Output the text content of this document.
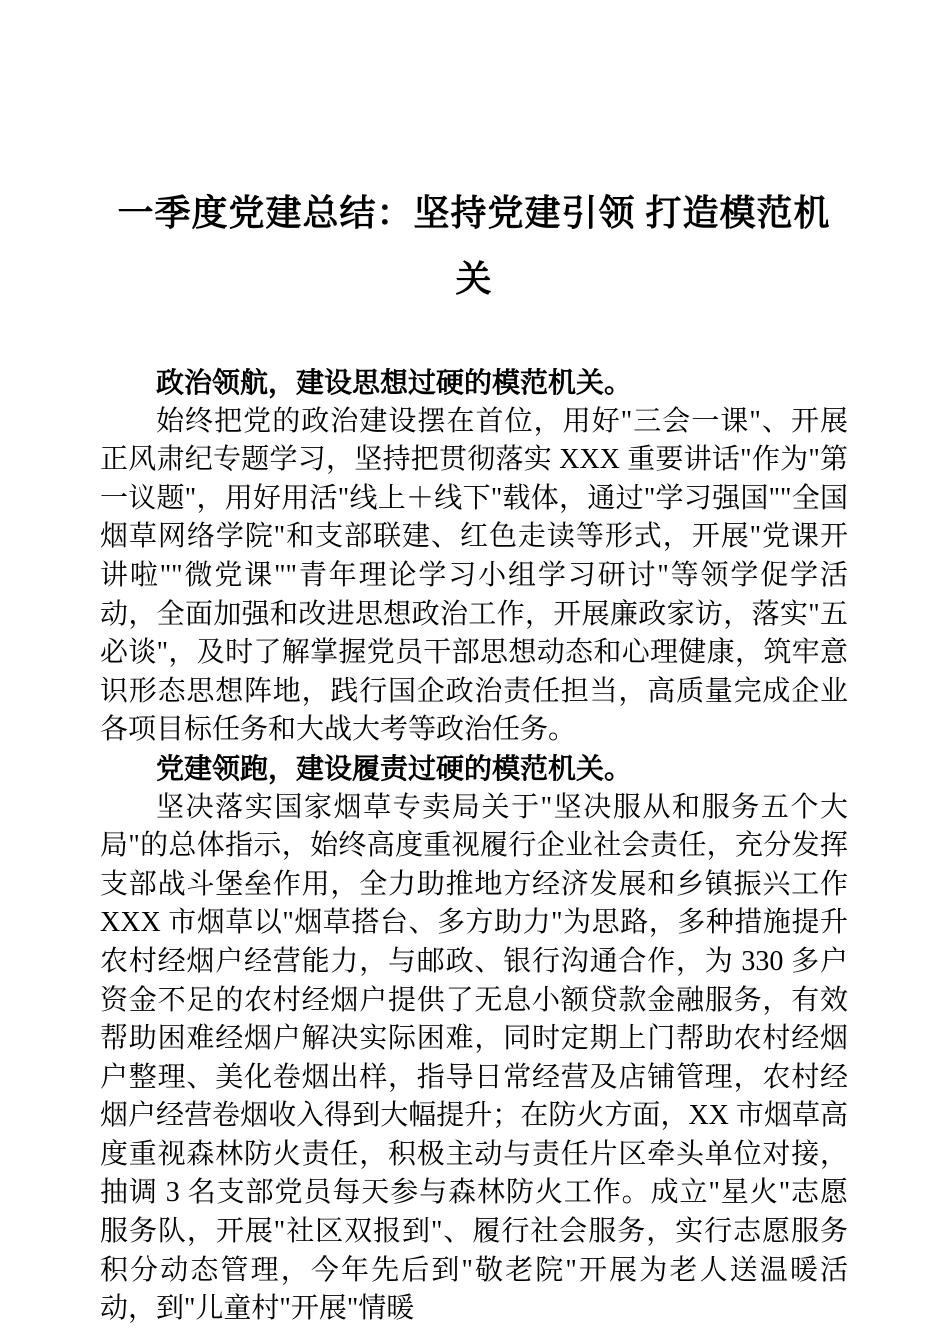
一季度党建总结：坚持党建引领 打造模范机关

政治领航，建设思想过硬的模范机关。

始终把党的政治建设摆在首位，用好"三会一课"、开展正风肃纪专题学习，坚持把贯彻落实 XXX 重要讲话"作为"第一议题"，用好用活"线上＋线下"载体，通过"学习强国""全国烟草网络学院"和支部联建、红色走读等形式，开展"党课开讲啦""微党课""青年理论学习小组学习研讨"等领学促学活动，全面加强和改进思想政治工作，开展廉政家访，落实"五必谈"，及时了解掌握党员干部思想动态和心理健康，筑牢意识形态思想阵地，践行国企政治责任担当，高质量完成企业各项目标任务和大战大考等政治任务。

党建领跑，建设履责过硬的模范机关。

坚决落实国家烟草专卖局关于"坚决服从和服务五个大局"的总体指示，始终高度重视履行企业社会责任，充分发挥支部战斗堡垒作用，全力助推地方经济发展和乡镇振兴工作 XXX 市烟草以"烟草搭台、多方助力"为思路，多种措施提升农村经烟户经营能力，与邮政、银行沟通合作，为 330 多户资金不足的农村经烟户提供了无息小额贷款金融服务，有效帮助困难经烟户解决实际困难，同时定期上门帮助农村经烟户整理、美化卷烟出样，指导日常经营及店铺管理，农村经烟户经营卷烟收入得到大幅提升；在防火方面，XX 市烟草高度重视森林防火责任，积极主动与责任片区牵头单位对接，抽调 3 名支部党员每天参与森林防火工作。成立"星火"志愿服务队，开展"社区双报到"、履行社会服务，实行志愿服务积分动态管理，今年先后到"敬老院"开展为老人送温暖活动，到"儿童村"开展"情暖
